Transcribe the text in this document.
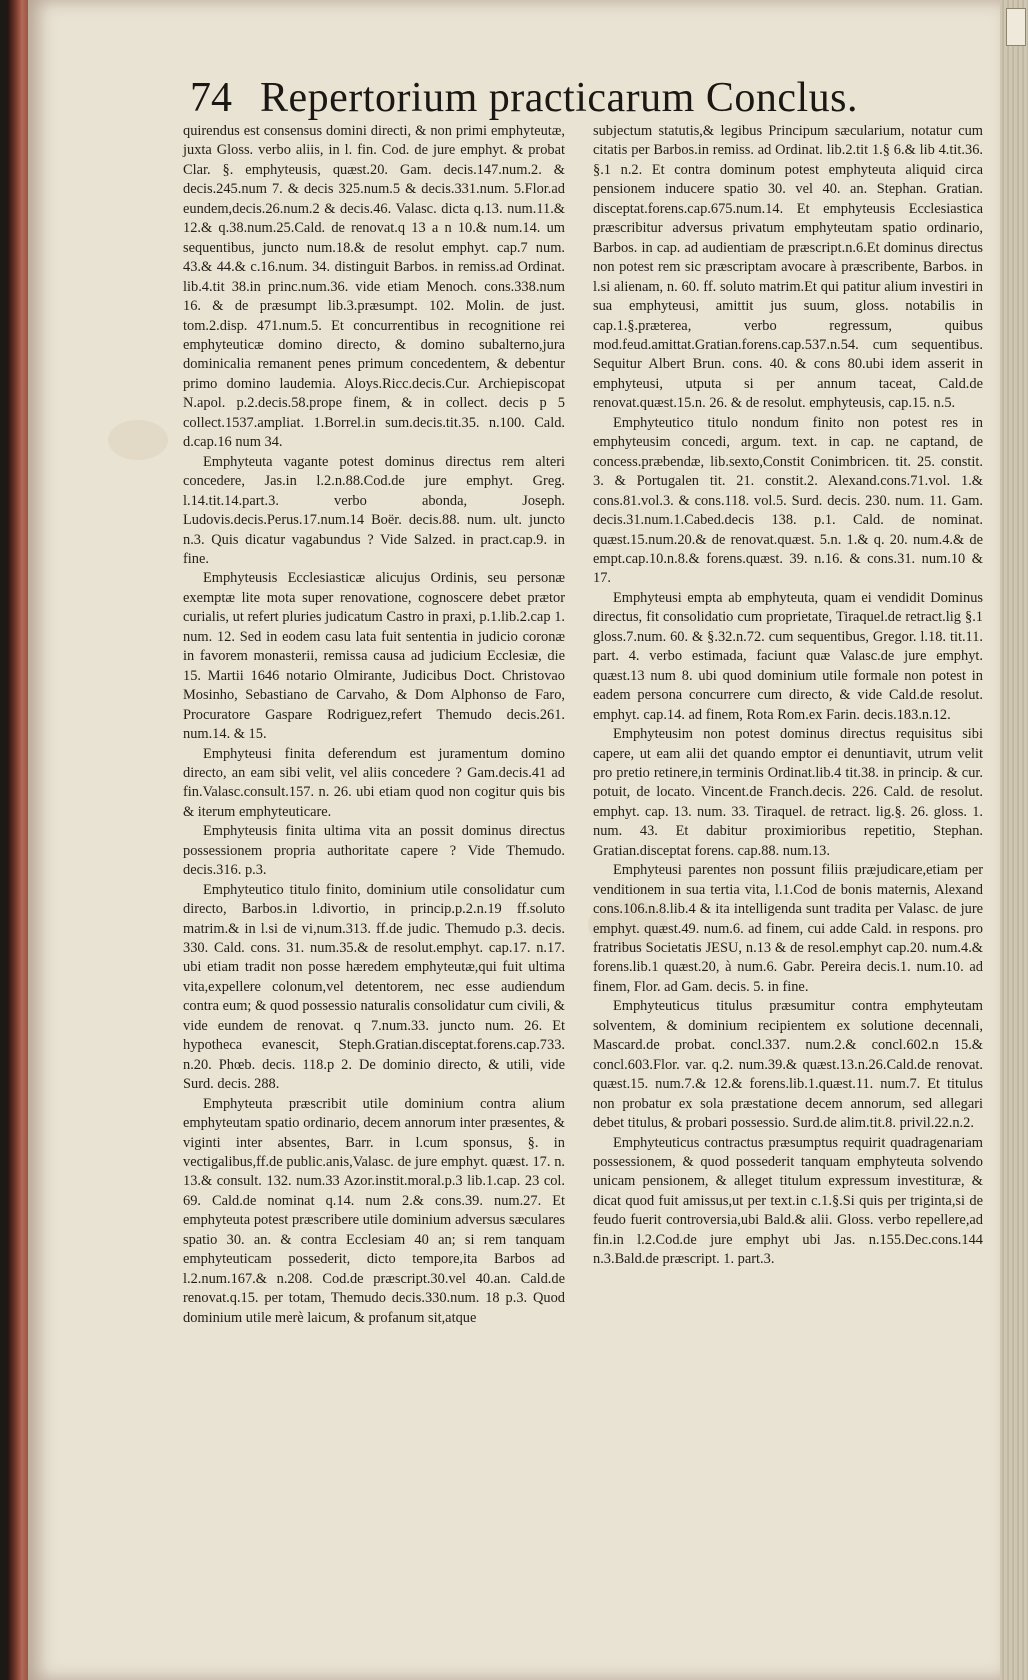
74 Repertorium practicarum Conclus.

quirendus est consensus domini directi, & non primi emphyteutæ, juxta Gloss. verbo aliis, in l. fin. Cod. de jure emphyt. & probat Clar. §. emphyteusis, quæst.20. Gam. decis.147.num.2. & decis.245.num 7. & decis 325.num.5 & decis.331.num. 5.Flor.ad eundem,decis.26.num.2 & decis.46. Valasc. dicta q.13. num.11.& 12.& q.38.num.25.Cald. de renovat.q 13 a n 10.& num.14. um sequentibus, juncto num.18.& de resolut emphyt. cap.7 num. 43.& 44.& c.16.num. 34. distinguit Barbos. in remiss.ad Ordinat. lib.4.tit 38.in princ.num.36. vide etiam Menoch. cons.338.num 16. & de præsumpt lib.3.præsumpt. 102. Molin. de just. tom.2.disp. 471.num.5. Et concurrentibus in recognitione rei emphyteuticæ domino directo, & domino subalterno,jura dominicalia remanent penes primum concedentem, & debentur primo domino laudemia. Aloys.Ricc.decis.Cur. Archiepiscopat N.apol. p.2.decis.58.prope finem, & in collect. decis p 5 collect.1537.ampliat. 1.Borrel.in sum.decis.tit.35. n.100. Cald. d.cap.16 num 34.

Emphyteuta vagante potest dominus directus rem alteri concedere, Jas.in l.2.n.88.Cod.de jure emphyt. Greg. l.14.tit.14.part.3. verbo abonda, Joseph. Ludovis.decis.Perus.17.num.14 Boër. decis.88. num. ult. juncto n.3. Quis dicatur vagabundus ? Vide Salzed. in pract.cap.9. in fine.

Emphyteusis Ecclesiasticæ alicujus Ordinis, seu personæ exemptæ lite mota super renovatione, cognoscere debet prætor curialis, ut refert pluries judicatum Castro in praxi, p.1.lib.2.cap 1. num. 12. Sed in eodem casu lata fuit sententia in judicio coronæ in favorem monasterii, remissa causa ad judicium Ecclesiæ, die 15. Martii 1646 notario Olmirante, Judicibus Doct. Christovao Mosinho, Sebastiano de Carvaho, & Dom Alphonso de Faro, Procuratore Gaspare Rodriguez,refert Themudo decis.261. num.14. & 15.

Emphyteusi finita deferendum est juramentum domino directo, an eam sibi velit, vel aliis concedere ? Gam.decis.41 ad fin.Valasc.consult.157. n. 26. ubi etiam quod non cogitur quis bis & iterum emphyteuticare.

Emphyteusis finita ultima vita an possit dominus directus possessionem propria authoritate capere ? Vide Themudo. decis.316. p.3.

Emphyteutico titulo finito, dominium utile consolidatur cum directo, Barbos.in l.divortio, in princip.p.2.n.19 ff.soluto matrim.& in l.si de vi,num.313. ff.de judic. Themudo p.3. decis. 330. Cald. cons. 31. num.35.& de resolut.emphyt. cap.17. n.17. ubi etiam tradit non posse hæredem emphyteutæ,qui fuit ultima vita,expellere colonum,vel detentorem, nec esse audiendum contra eum; & quod possessio naturalis consolidatur cum civili, & vide eundem de renovat. q 7.num.33. juncto num. 26. Et hypotheca evanescit, Steph.Gratian.disceptat.forens.cap.733. n.20. Phœb. decis. 118.p 2. De dominio directo, & utili, vide Surd. decis. 288.

Emphyteuta præscribit utile dominium contra alium emphyteutam spatio ordinario, decem annorum inter præsentes, & viginti inter absentes, Barr. in l.cum sponsus, §. in vectigalibus,ff.de public.anis,Valasc. de jure emphyt. quæst. 17. n. 13.& consult. 132. num.33 Azor.instit.moral.p.3 lib.1.cap. 23 col. 69. Cald.de nominat q.14. num 2.& cons.39. num.27. Et emphyteuta potest præscribere utile dominium adversus sæculares spatio 30. an. & contra Ecclesiam 40 an; si rem tanquam emphyteuticam possederit, dicto tempore,ita Barbos ad l.2.num.167.& n.208. Cod.de præscript.30.vel 40.an. Cald.de renovat.q.15. per totam, Themudo decis.330.num. 18 p.3. Quod dominium utile merè laicum, & profanum sit,atque

subjectum statutis,& legibus Principum sæcularium, notatur cum citatis per Barbos.in remiss. ad Ordinat. lib.2.tit 1.§ 6.& lib 4.tit.36. §.1 n.2. Et contra dominum potest emphyteuta aliquid circa pensionem inducere spatio 30. vel 40. an. Stephan. Gratian. disceptat.forens.cap.675.num.14. Et emphyteusis Ecclesiastica præscribitur adversus privatum emphyteutam spatio ordinario, Barbos. in cap. ad audientiam de præscript.n.6.Et dominus directus non potest rem sic præscriptam avocare à præscribente, Barbos. in l.si alienam, n. 60. ff. soluto matrim.Et qui patitur alium investiri in sua emphyteusi, amittit jus suum, gloss. notabilis in cap.1.§.præterea, verbo regressum, quibus mod.feud.amittat.Gratian.forens.cap.537.n.54. cum sequentibus. Sequitur Albert Brun. cons. 40. & cons 80.ubi idem asserit in emphyteusi, utputa si per annum taceat, Cald.de renovat.quæst.15.n. 26. & de resolut. emphyteusis, cap.15. n.5.

Emphyteutico titulo nondum finito non potest res in emphyteusim concedi, argum. text. in cap. ne captand, de concess.præbendæ, lib.sexto,Constit Conimbricen. tit. 25. constit. 3. & Portugalen tit. 21. constit.2. Alexand.cons.71.vol. 1.& cons.81.vol.3. & cons.118. vol.5. Surd. decis. 230. num. 11. Gam. decis.31.num.1.Cabed.decis 138. p.1. Cald. de nominat. quæst.15.num.20.& de renovat.quæst. 5.n. 1.& q. 20. num.4.& de empt.cap.10.n.8.& forens.quæst. 39. n.16. & cons.31. num.10 & 17.

Emphyteusi empta ab emphyteuta, quam ei vendidit Dominus directus, fit consolidatio cum proprietate, Tiraquel.de retract.lig §.1 gloss.7.num. 60. & §.32.n.72. cum sequentibus, Gregor. l.18. tit.11. part. 4. verbo estimada, faciunt quæ Valasc.de jure emphyt. quæst.13 num 8. ubi quod dominium utile formale non potest in eadem persona concurrere cum directo, & vide Cald.de resolut. emphyt. cap.14. ad finem, Rota Rom.ex Farin. decis.183.n.12.

Emphyteusim non potest dominus directus requisitus sibi capere, ut eam alii det quando emptor ei denuntiavit, utrum velit pro pretio retinere,in terminis Ordinat.lib.4 tit.38. in princip. & cur. potuit, de locato. Vincent.de Franch.decis. 226. Cald. de resolut. emphyt. cap. 13. num. 33. Tiraquel. de retract. lig.§. 26. gloss. 1. num. 43. Et dabitur proximioribus repetitio, Stephan. Gratian.disceptat forens. cap.88. num.13.

Emphyteusi parentes non possunt filiis præjudicare,etiam per venditionem in sua tertia vita, l.1.Cod de bonis maternis, Alexand cons.106.n.8.lib.4 & ita intelligenda sunt tradita per Valasc. de jure emphyt. quæst.49. num.6. ad finem, cui adde Cald. in respons. pro fratribus Societatis JESU, n.13 & de resol.emphyt cap.20. num.4.& forens.lib.1 quæst.20, à num.6. Gabr. Pereira decis.1. num.10. ad finem, Flor. ad Gam. decis. 5. in fine.

Emphyteuticus titulus præsumitur contra emphyteutam solventem, & dominium recipientem ex solutione decennali, Mascard.de probat. concl.337. num.2.& concl.602.n 15.& concl.603.Flor. var. q.2. num.39.& quæst.13.n.26.Cald.de renovat. quæst.15. num.7.& 12.& forens.lib.1.quæst.11. num.7. Et titulus non probatur ex sola præstatione decem annorum, sed allegari debet titulus, & probari possessio. Surd.de alim.tit.8. privil.22.n.2.

Emphyteuticus contractus præsumptus requirit quadragenariam possessionem, & quod possederit tanquam emphyteuta solvendo unicam pensionem, & alleget titulum expressum investituræ, & dicat quod fuit amissus,ut per text.in c.1.§.Si quis per triginta,si de feudo fuerit controversia,ubi Bald.& alii. Gloss. verbo repellere,ad fin.in l.2.Cod.de jure emphyt ubi Jas. n.155.Dec.cons.144 n.3.Bald.de præscript. 1. part.3.
